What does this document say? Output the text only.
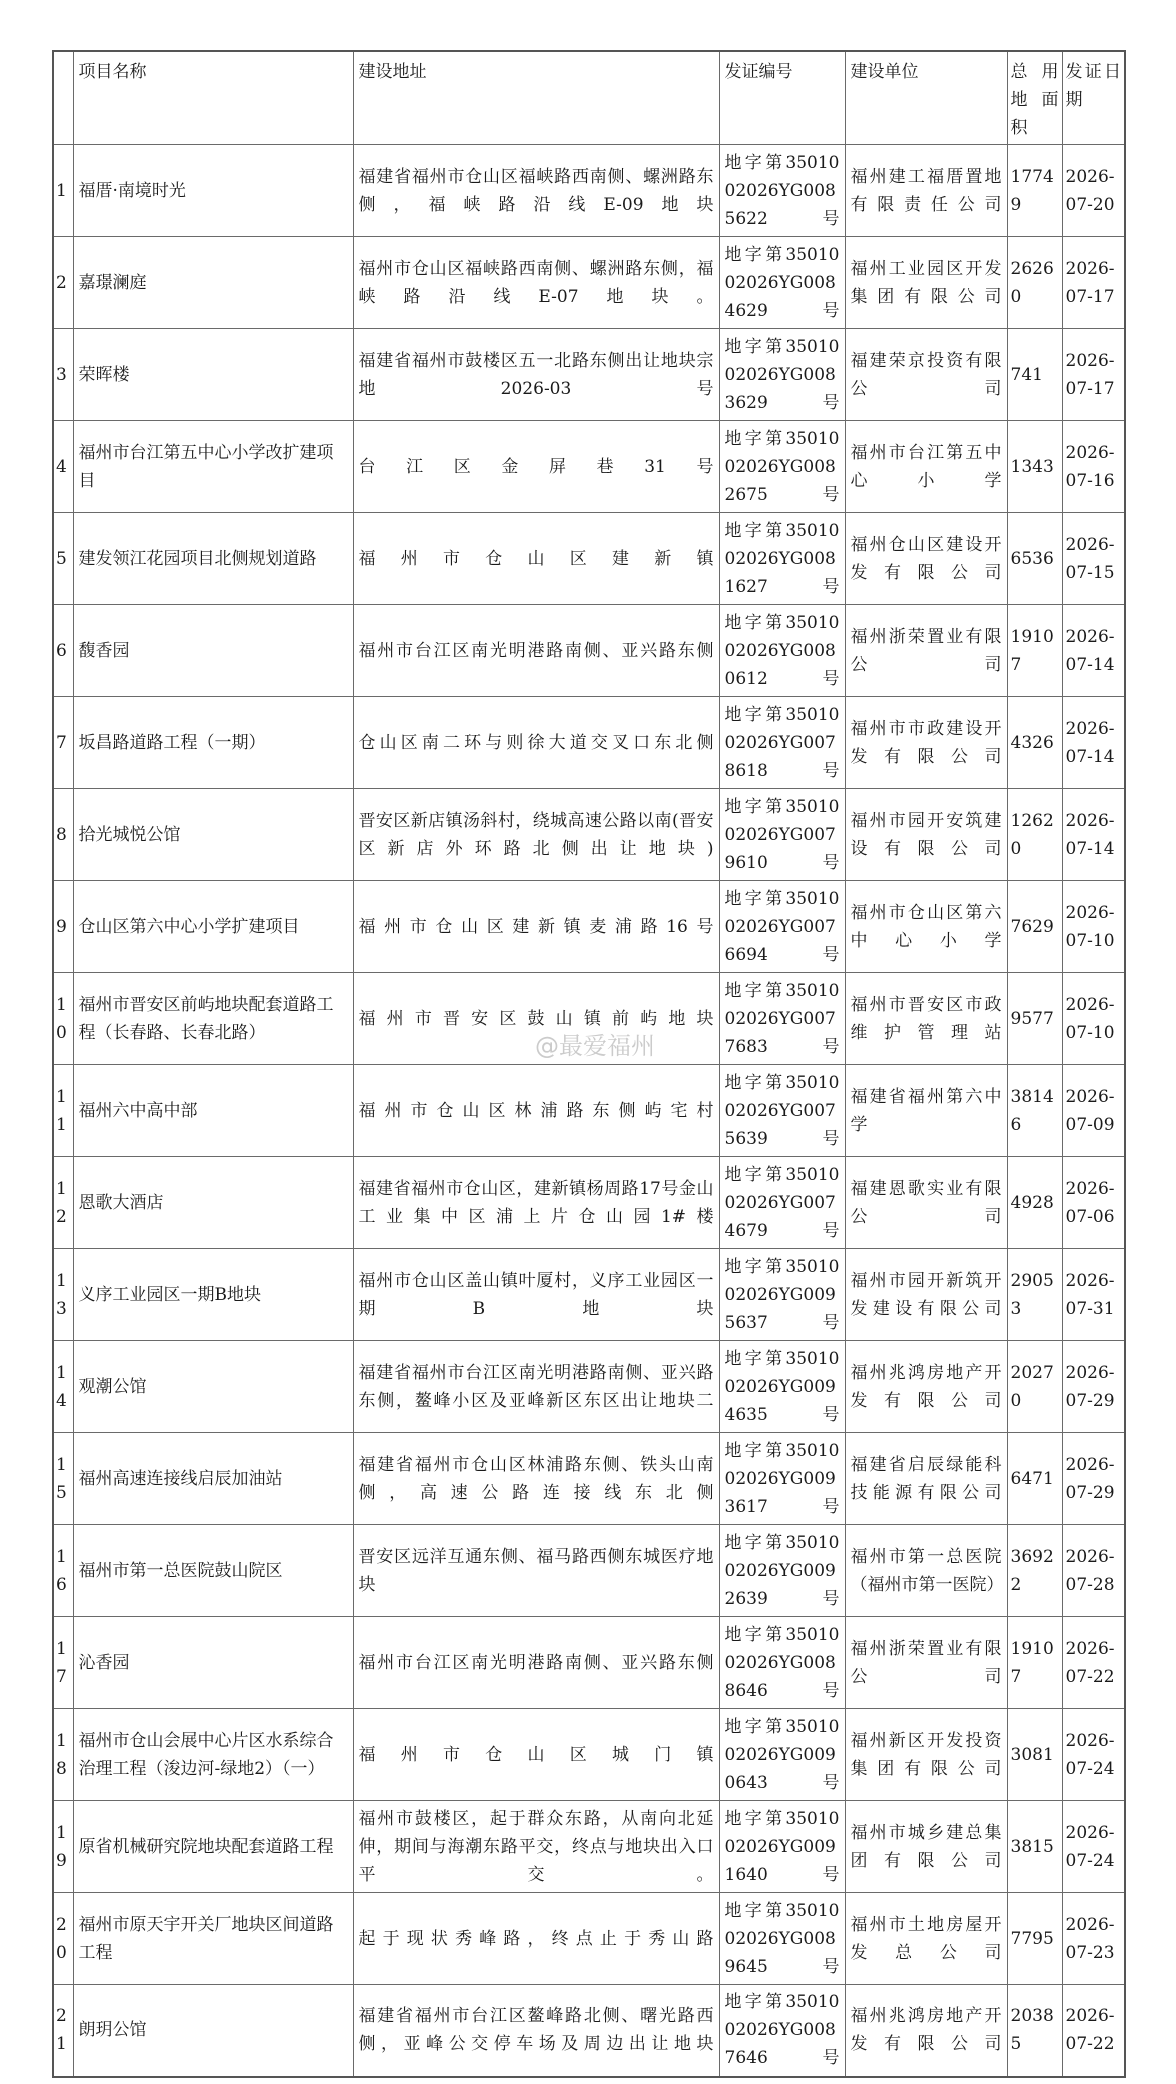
	项目名称	建设地址	发证编号	建设单位	总用地面积	发证日期
1	福厝·南境时光	福建省福州市仓山区福峡路西南侧、螺洲路东侧，福峡路沿线E-09地块	地字第3501002026YG0085622号	福州建工福厝置地有限责任公司	17749	2026-07-20
2	嘉璟澜庭	福州市仓山区福峡路西南侧、螺洲路东侧，福峡路沿线E-07地块。	地字第3501002026YG0084629号	福州工业园区开发集团有限公司	26260	2026-07-17
3	荣晖楼	福建省福州市鼓楼区五一北路东侧出让地块宗地2026-03号	地字第3501002026YG0083629号	福建荣京投资有限公司	741	2026-07-17
4	福州市台江第五中心小学改扩建项目	台江区金屏巷31号	地字第3501002026YG0082675号	福州市台江第五中心小学	1343	2026-07-16
5	建发领江花园项目北侧规划道路	福州市仓山区建新镇	地字第3501002026YG0081627号	福州仓山区建设开发有限公司	6536	2026-07-15
6	馥香园	福州市台江区南光明港路南侧、亚兴路东侧	地字第3501002026YG0080612号	福州浙荣置业有限公司	19107	2026-07-14
7	坂昌路道路工程（一期）	仓山区南二环与则徐大道交叉口东北侧	地字第3501002026YG0078618号	福州市市政建设开发有限公司	4326	2026-07-14
8	拾光城悦公馆	晋安区新店镇汤斜村，绕城高速公路以南(晋安区新店外环路北侧出让地块)	地字第3501002026YG0079610号	福州市园开安筑建设有限公司	12620	2026-07-14
9	仓山区第六中心小学扩建项目	福州市仓山区建新镇麦浦路16号	地字第3501002026YG0076694号	福州市仓山区第六中心小学	7629	2026-07-10
10	福州市晋安区前屿地块配套道路工程（长春路、长春北路）	福州市晋安区鼓山镇前屿地块	地字第3501002026YG0077683号	福州市晋安区市政维护管理站	9577	2026-07-10
11	福州六中高中部	福州市仓山区林浦路东侧屿宅村	地字第3501002026YG0075639号	福建省福州第六中学	38146	2026-07-09
12	恩歌大酒店	福建省福州市仓山区，建新镇杨周路17号金山工业集中区浦上片仓山园1#楼	地字第3501002026YG0074679号	福建恩歌实业有限公司	4928	2026-07-06
13	义序工业园区一期B地块	福州市仓山区盖山镇叶厦村，义序工业园区一期B地块	地字第3501002026YG0095637号	福州市园开新筑开发建设有限公司	29053	2026-07-31
14	观潮公馆	福建省福州市台江区南光明港路南侧、亚兴路东侧，鳌峰小区及亚峰新区东区出让地块二	地字第3501002026YG0094635号	福州兆鸿房地产开发有限公司	20270	2026-07-29
15	福州高速连接线启辰加油站	福建省福州市仓山区林浦路东侧、铁头山南侧，高速公路连接线东北侧	地字第3501002026YG0093617号	福建省启辰绿能科技能源有限公司	6471	2026-07-29
16	福州市第一总医院鼓山院区	晋安区远洋互通东侧、福马路西侧东城医疗地块	地字第3501002026YG0092639号	福州市第一总医院（福州市第一医院）	36922	2026-07-28
17	沁香园	福州市台江区南光明港路南侧、亚兴路东侧	地字第3501002026YG0088646号	福州浙荣置业有限公司	19107	2026-07-22
18	福州市仓山会展中心片区水系综合治理工程（浚边河-绿地2）（一）	福州市仓山区城门镇	地字第3501002026YG0090643号	福州新区开发投资集团有限公司	3081	2026-07-24
19	原省机械研究院地块配套道路工程	福州市鼓楼区，起于群众东路，从南向北延伸，期间与海潮东路平交，终点与地块出入口平交。	地字第3501002026YG0091640号	福州市城乡建总集团有限公司	3815	2026-07-24
20	福州市原天宇开关厂地块区间道路工程	起于现状秀峰路，终点止于秀山路	地字第3501002026YG0089645号	福州市土地房屋开发总公司	7795	2026-07-23
21	朗玥公馆	福建省福州市台江区鳌峰路北侧、曙光路西侧，亚峰公交停车场及周边出让地块	地字第3501002026YG0087646号	福州兆鸿房地产开发有限公司	20385	2026-07-22
@最爱福州
